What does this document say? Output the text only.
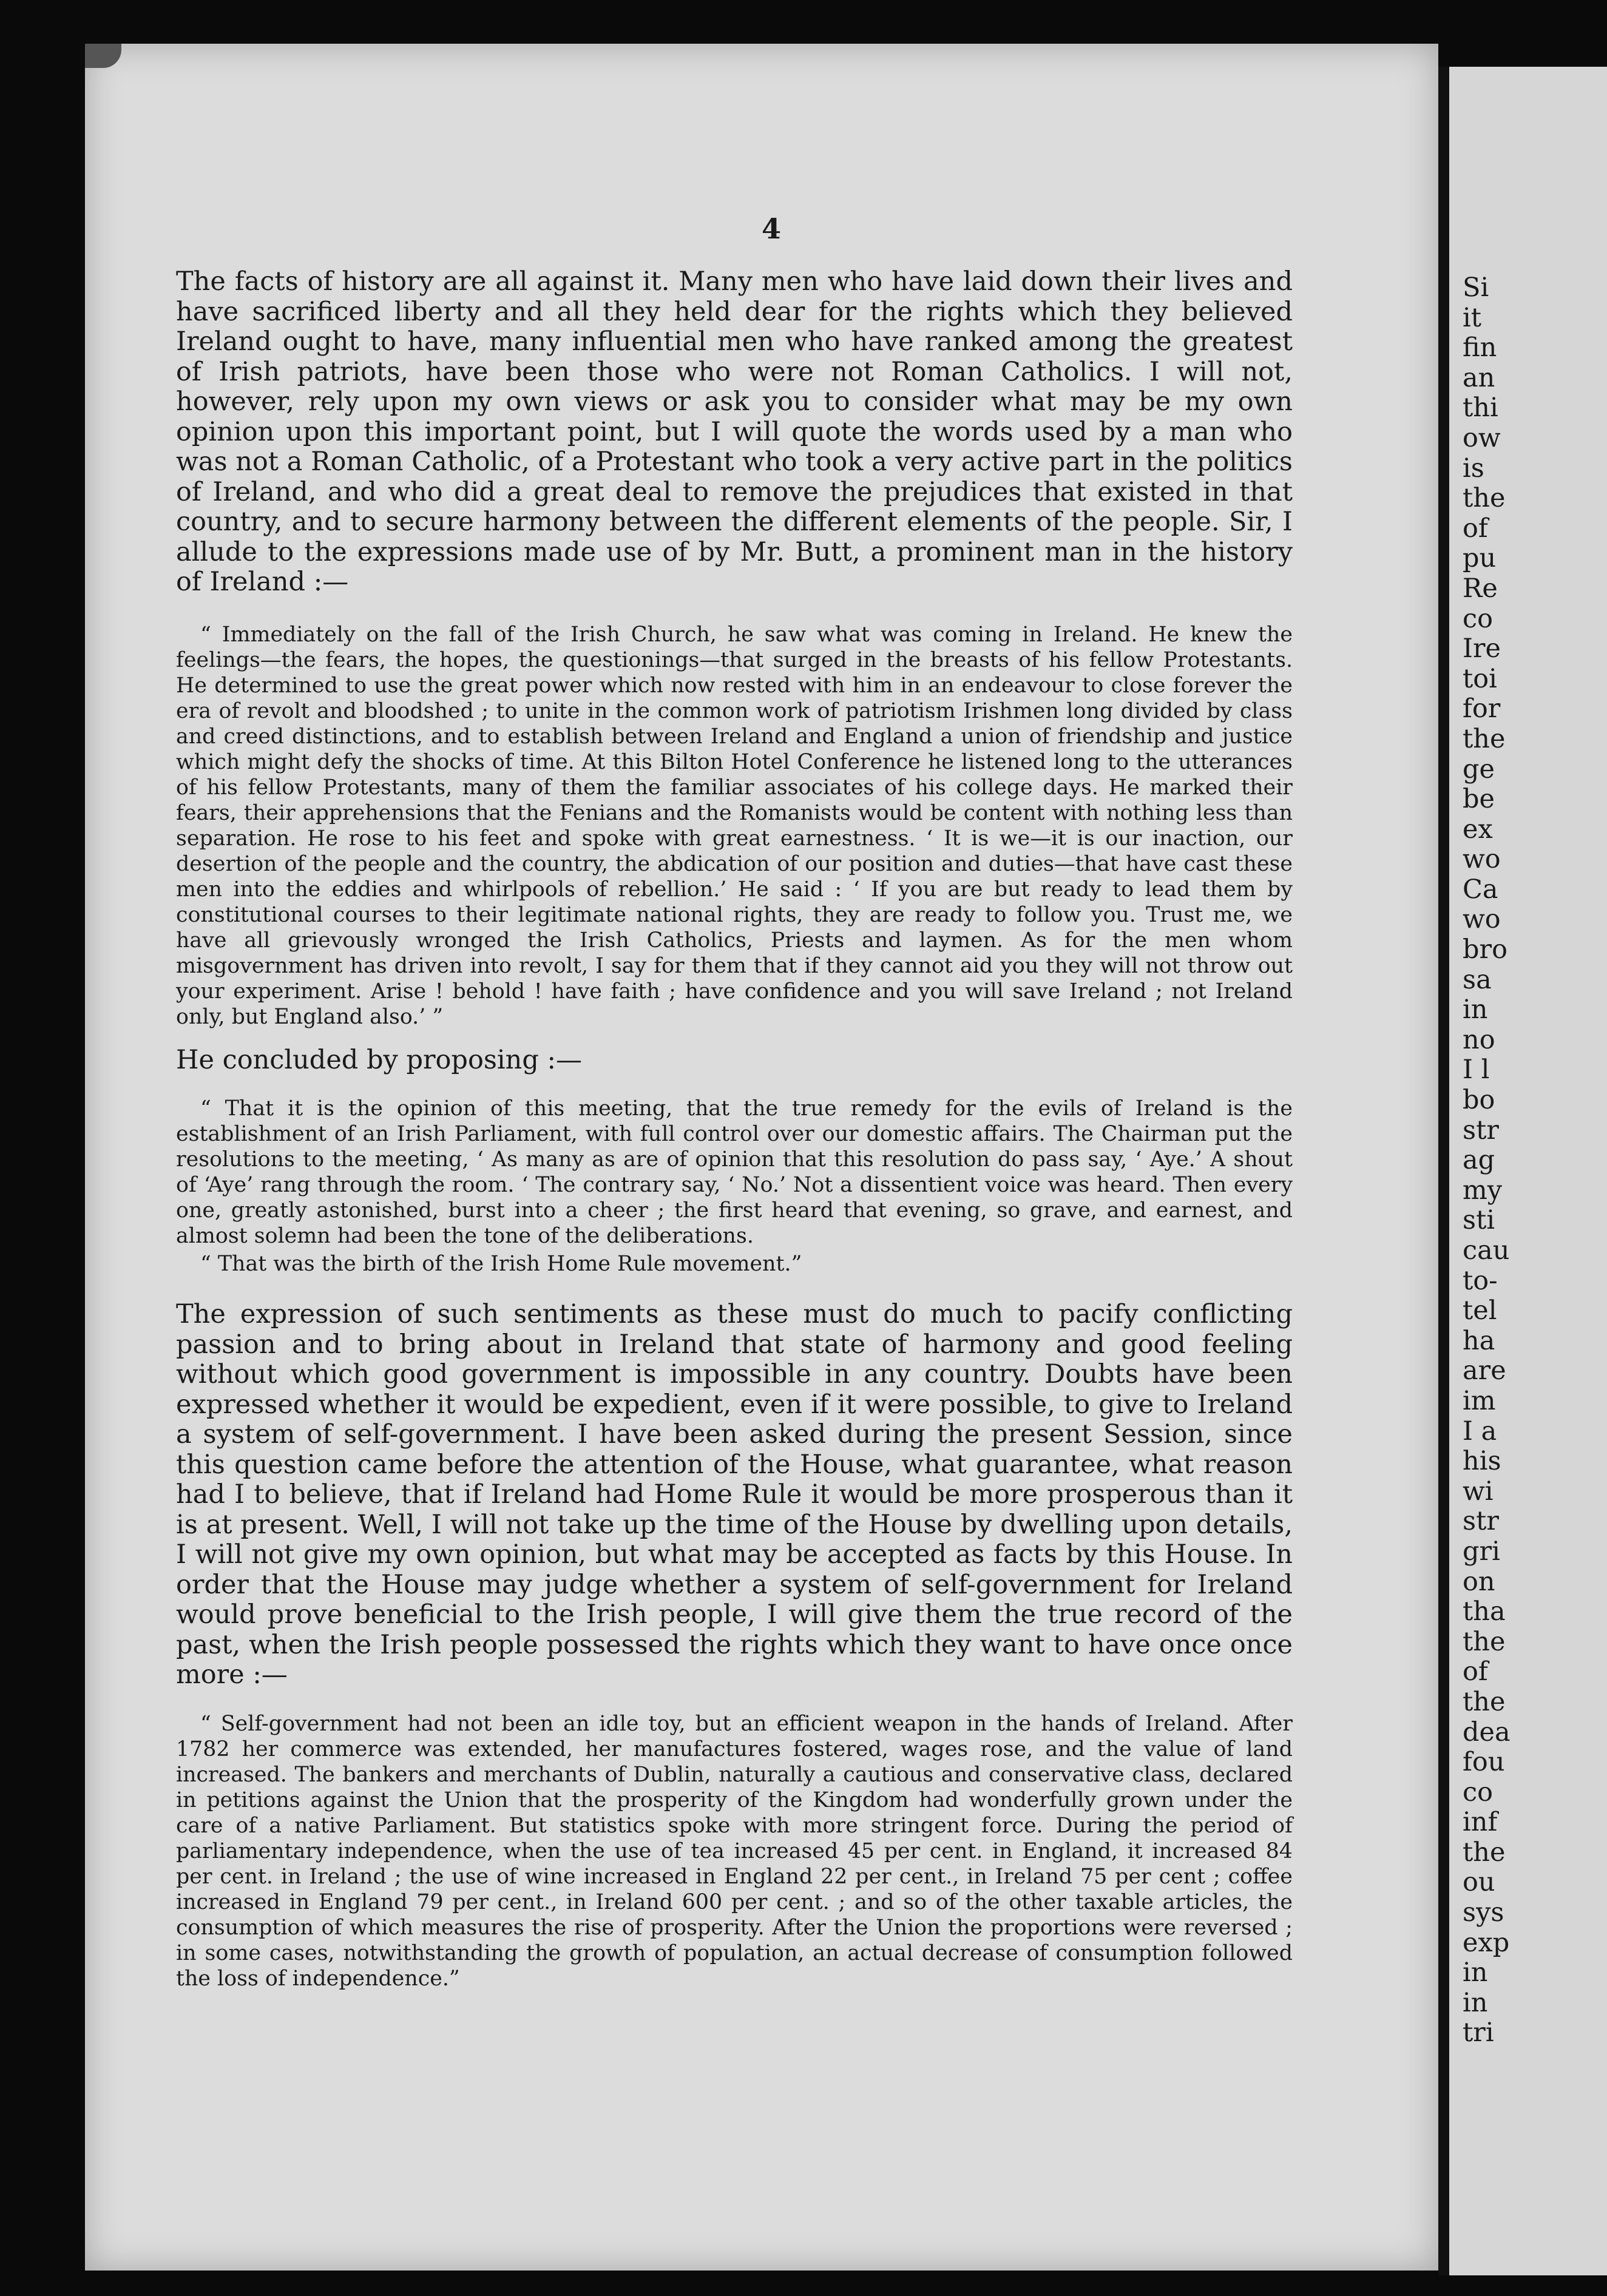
4

The facts of history are all against it. Many men who have laid down their lives and have sacrificed liberty and all they held dear for the rights which they believed Ireland ought to have, many influential men who have ranked among the greatest of Irish patriots, have been those who were not Roman Catholics. I will not, however, rely upon my own views or ask you to consider what may be my own opinion upon this important point, but I will quote the words used by a man who was not a Roman Catholic, of a Protestant who took a very active part in the politics of Ireland, and who did a great deal to remove the prejudices that existed in that country, and to secure harmony between the different elements of the people. Sir, I allude to the expressions made use of by Mr. Butt, a prominent man in the history of Ireland :—

“ Immediately on the fall of the Irish Church, he saw what was coming in Ireland. He knew the feelings—the fears, the hopes, the questionings—that surged in the breasts of his fellow Protestants. He determined to use the great power which now rested with him in an endeavour to close forever the era of revolt and bloodshed ; to unite in the common work of patriotism Irishmen long divided by class and creed distinctions, and to establish between Ireland and England a union of friendship and justice which might defy the shocks of time. At this Bilton Hotel Conference he listened long to the utterances of his fellow Protestants, many of them the familiar associates of his college days. He marked their fears, their apprehensions that the Fenians and the Romanists would be content with nothing less than separation. He rose to his feet and spoke with great earnestness. ‘ It is we—it is our inaction, our desertion of the people and the country, the abdication of our position and duties—that have cast these men into the eddies and whirlpools of rebellion.’ He said : ‘ If you are but ready to lead them by constitutional courses to their legitimate national rights, they are ready to follow you. Trust me, we have all grievously wronged the Irish Catholics, Priests and laymen. As for the men whom misgovernment has driven into revolt, I say for them that if they cannot aid you they will not throw out your experiment. Arise ! behold ! have faith ; have confidence and you will save Ireland ; not Ireland only, but England also.’ ”

He concluded by proposing :—

“ That it is the opinion of this meeting, that the true remedy for the evils of Ireland is the establishment of an Irish Parliament, with full control over our domestic affairs. The Chairman put the resolutions to the meeting, ‘ As many as are of opinion that this resolution do pass say, ‘ Aye.’ A shout of ‘Aye’ rang through the room. ‘ The contrary say, ‘ No.’ Not a dissentient voice was heard. Then every one, greatly astonished, burst into a cheer ; the first heard that evening, so grave, and earnest, and almost solemn had been the tone of the deliberations.

“ That was the birth of the Irish Home Rule movement.”

The expression of such sentiments as these must do much to pacify conflicting passion and to bring about in Ireland that state of harmony and good feeling without which good government is impossible in any country. Doubts have been expressed whether it would be expedient, even if it were possible, to give to Ireland a system of self-government. I have been asked during the present Session, since this question came before the attention of the House, what guarantee, what reason had I to believe, that if Ireland had Home Rule it would be more prosperous than it is at present. Well, I will not take up the time of the House by dwelling upon details, I will not give my own opinion, but what may be accepted as facts by this House. In order that the House may judge whether a system of self-government for Ireland would prove beneficial to the Irish people, I will give them the true record of the past, when the Irish people possessed the rights which they want to have once once more :—

“ Self-government had not been an idle toy, but an efficient weapon in the hands of Ireland. After 1782 her commerce was extended, her manufactures fostered, wages rose, and the value of land increased. The bankers and merchants of Dublin, naturally a cautious and conservative class, declared in petitions against the Union that the prosperity of the Kingdom had wonderfully grown under the care of a native Parliament. But statistics spoke with more stringent force. During the period of parliamentary independence, when the use of tea increased 45 per cent. in England, it increased 84 per cent. in Ireland ; the use of wine increased in England 22 per cent., in Ireland 75 per cent ; coffee increased in England 79 per cent., in Ireland 600 per cent. ; and so of the other taxable articles, the consumption of which measures the rise of prosperity. After the Union the proportions were reversed ; in some cases, notwithstanding the growth of population, an actual decrease of consumption followed the loss of independence.”

Si
it
fin
an
thi
ow
is
the
of
pu
Re
co
Ire
toi
for
the
ge
be
ex
wo
Ca
wo
bro
sa
in
no
I l
bo
str
ag
my
sti
cau
to-
tel
ha
are
im
I a
his
wi
str
gri
on
tha
the
of
the
dea
fou
co
inf
the
ou
sys
exp
in
in
tri
